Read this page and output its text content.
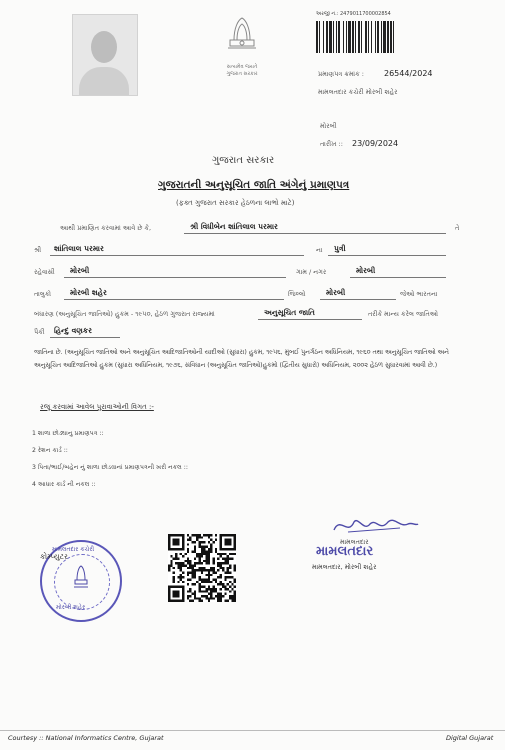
સત્યમેવ જયતે
ગુજરાત સરકાર
અરજી નં.: 2479011700002854
પ્રમાણપત્ર ક્રમાંક :	26544/2024
મામલતદાર કચેરી મોરબી શહેર
મોરબી
તારીખ :: 23/09/2024
ગુજરાત સરકાર
ગુજરાતની અનુસૂચિત જાતિ અંગેનું પ્રમાણપત્ર
(ફક્ત ગુજરાત સરકાર હેઠળના લાભો માટે)
આથી પ્રમાણિત કરવામાં આવે છે કે,	શ્રી વિધીબેન શાંતિલાલ પરમાર	તે
શ્રી શાંતિલાલ પરમાર	ના પુત્રી
રહેવાસી મોરબી	ગામ / નગર	મોરબી
તાલુકો	મોરબી શહેર	જિલ્લો	મોરબી	જેઓ ભારતના
બંધારણ (અનુસૂચિત જાતિઓ) હુકમ - ૧૯૫૦, હેઠળ ગુજરાત રાજ્યમાં	અનુસૂચિત જાતિ	તરીકે માન્ય કરેલ જાતિઓ
પૈકી હિન્દુ વણકર
જાતિના છે. (અનુસૂચિત જાતિઓ અને અનુસૂચિત આદિજાતિઓની યાદીઓ (સુધારા) હુકમ, ૧૯૫૬, મુંબઈ પુનર્ગઠન અધિનિયમ, ૧૯૬૦ તથા અનુસૂચિત જાતિઓ અને અનુસૂચિત આદિજાતિઓ હુકમ (સુધારા અધિનિયમ, ૧૯૭૬, સંવિધાન (અનુસૂચિત જાતિઓ)હુકમો (દ્વિતીય સુધારો) અધિનિયમ, ૨૦૦૨ હેઠળ સુધારવામાં આવી છે.)
રજૂ કરવામાં આવેલ પુરાવાઓની વિગત :-
1 શાળા છોડ્યાનુ પ્રમાણપત્ર ::
2 રેશન કાર્ડ ::
3 પિતા/ભાઈ/બહેન નું શાળા છોડવાનાં પ્રમાણપત્રની ખરી નકલ ::
4 આધાર કાર્ડ ની નકલ ::
મામલતદાર કચેરી
મોરબી શહેર
કોમ્પ્યુટર
મામલતદાર
મામલતદાર
મામલતદાર, મોરબી શહેર
Courtesy :: National Informatics Centre, Gujarat	Digital Gujarat
